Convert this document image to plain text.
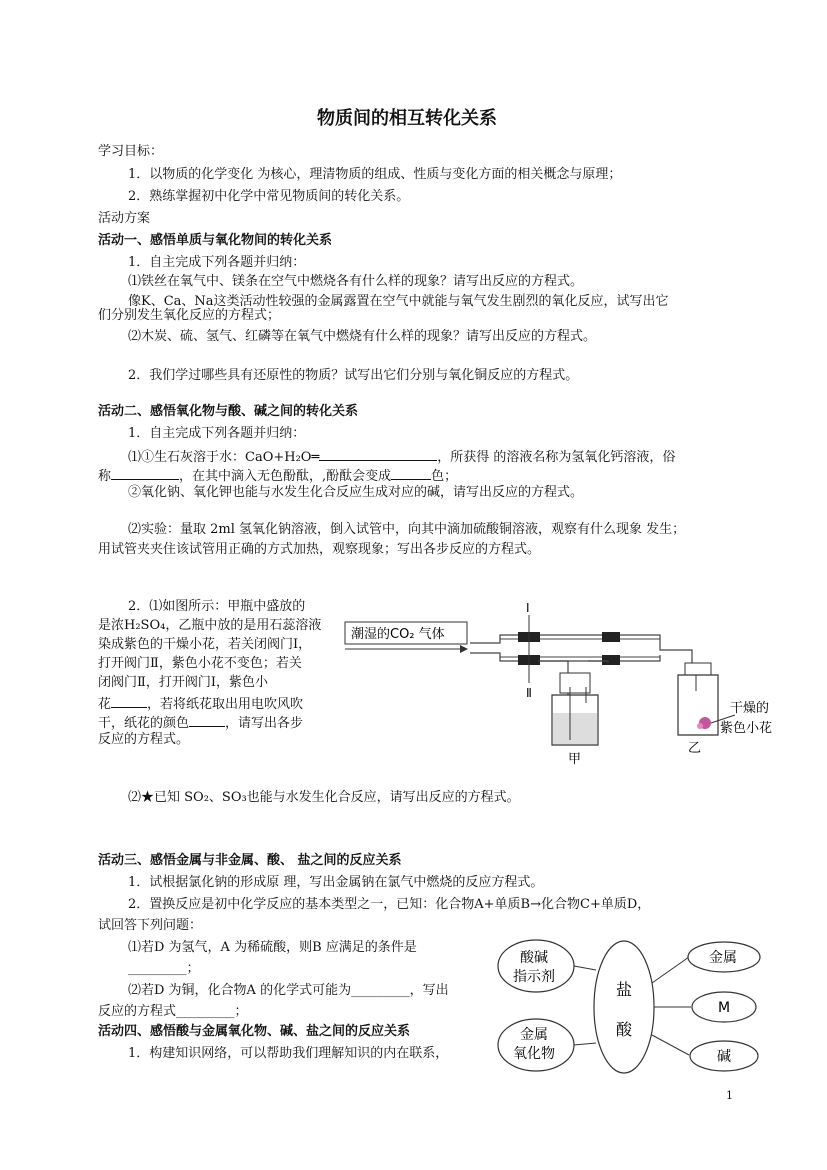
物质间的相互转化关系
学习目标：
1．以物质的化学变化 为核心，理清物质的组成、性质与变化方面的相关概念与原理；
2．熟练掌握初中化学中常见物质间的转化关系。
活动方案
活动一、感悟单质与氧化物间的转化关系
1．自主完成下列各题并归纳：
⑴铁丝在氧气中、镁条在空气中燃烧各有什么样的现象？请写出反应的方程式。
像K、Ca、Na这类活动性较强的金属露置在空气中就能与氧气发生剧烈的氧化反应，试写出它
们分别发生氧化反应的方程式；
⑵木炭、硫、氢气、红磷等在氧气中燃烧有什么样的现象？请写出反应的方程式。
2．我们学过哪些具有还原性的物质？试写出它们分别与氧化铜反应的方程式。
活动二、感悟氧化物与酸、碱之间的转化关系
1．自主完成下列各题并归纳：
⑴①生石灰溶于水：CaO+H₂O═	，所获得 的溶液名称为氢氧化钙溶液，俗
称	，在其中滴入无色酚酞，,酚酞会变成	色；
②氧化钠、氧化钾也能与水发生化合反应生成对应的碱，请写出反应的方程式。
⑵实验：量取 2ml 氢氧化钠溶液，倒入试管中，向其中滴加硫酸铜溶液，观察有什么现象 发生；
用试管夹夹住该试管用正确的方式加热，观察现象；写出各步反应的方程式。
2．⑴如图所示：甲瓶中盛放的
是浓H₂SO₄，乙瓶中放的是用石蕊溶液
染成紫色的干燥小花，若关闭阀门Ⅰ，
打开阀门Ⅱ，紫色小花不变色；若关
闭阀门Ⅱ，打开阀门Ⅰ，紫色小
花	，若将纸花取出用电吹风吹
干，纸花的颜色	，请写出各步
反应的方程式。
⑵★已知 SO₂、SO₃也能与水发生化合反应，请写出反应的方程式。
潮湿的CO₂ 气体
Ⅰ
Ⅱ
甲
乙
干燥的
紫色小花
活动三、感悟金属与非金属、酸、 盐之间的反应关系
1．试根据氯化钠的形成原 理，写出金属钠在氯气中燃烧的反应方程式。
2．置换反应是初中化学反应的基本类型之一，已知：化合物A+单质B→化合物C+单质D，
试回答下列问题：
⑴若D 为氢气，A 为稀硫酸，则B 应满足的条件是
_________；
⑵若D 为铜，化合物A 的化学式可能为_________，写出
反应的方程式_________；
活动四、感悟酸与金属氧化物、碱、盐之间的反应关系
1．构建知识网络，可以帮助我们理解知识的内在联系，
盐
酸
酸碱
指示剂
金属
氧化物
金属
M
碱
1
